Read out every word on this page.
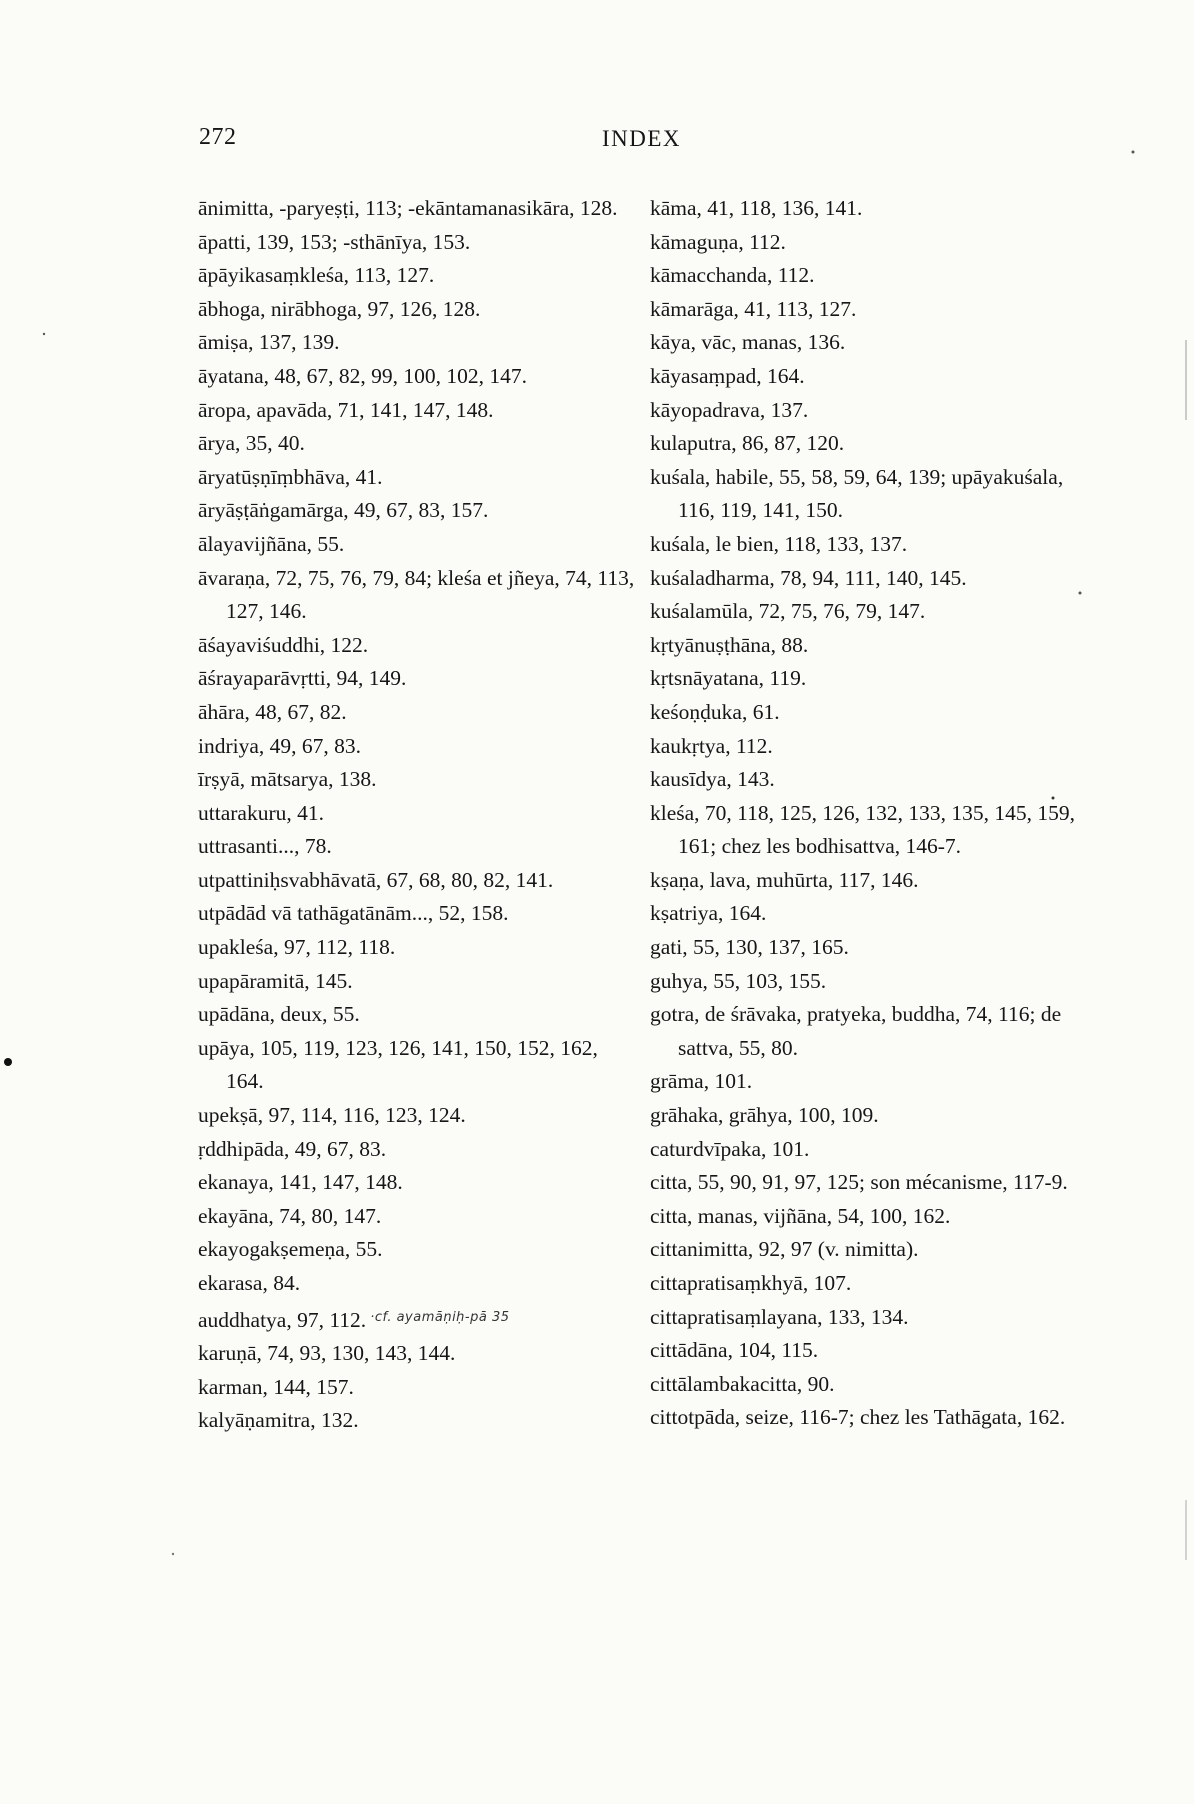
272	INDEX

ānimitta, -paryeṣṭi, 113; -ekāntamanasikāra, 128.

āpatti, 139, 153; -sthānīya, 153.

āpāyikasaṃkleśa, 113, 127.

ābhoga, nirābhoga, 97, 126, 128.

āmiṣa, 137, 139.

āyatana, 48, 67, 82, 99, 100, 102, 147.

āropa, apavāda, 71, 141, 147, 148.

ārya, 35, 40.

āryatūṣṇīṃbhāva, 41.

āryāṣṭāṅgamārga, 49, 67, 83, 157.

ālayavijñāna, 55.

āvaraṇa, 72, 75, 76, 79, 84; kleśa et jñeya, 74, 113, 127, 146.

āśayaviśuddhi, 122.

āśrayaparāvṛtti, 94, 149.

āhāra, 48, 67, 82.

indriya, 49, 67, 83.

īrṣyā, mātsarya, 138.

uttarakuru, 41.

uttrasanti..., 78.

utpattiniḥsvabhāvatā, 67, 68, 80, 82, 141.

utpādād vā tathāgatānām..., 52, 158.

upakleśa, 97, 112, 118.

upapāramitā, 145.

upādāna, deux, 55.

upāya, 105, 119, 123, 126, 141, 150, 152, 162, 164.

upekṣā, 97, 114, 116, 123, 124.

ṛddhipāda, 49, 67, 83.

ekanaya, 141, 147, 148.

ekayāna, 74, 80, 147.

ekayogakṣemeṇa, 55.

ekarasa, 84.

auddhatya, 97, 112. $^{\cdot cf. ayamāṇiḥ-pā 35}$

karuṇā, 74, 93, 130, 143, 144.

karman, 144, 157.

kalyāṇamitra, 132.

kāma, 41, 118, 136, 141.

kāmaguṇa, 112.

kāmacchanda, 112.

kāmarāga, 41, 113, 127.

kāya, vāc, manas, 136.

kāyasaṃpad, 164.

kāyopadrava, 137.

kulaputra, 86, 87, 120.

kuśala, habile, 55, 58, 59, 64, 139; upāyakuśala, 116, 119, 141, 150.

kuśala, le bien, 118, 133, 137.

kuśaladharma, 78, 94, 111, 140, 145.

kuśalamūla, 72, 75, 76, 79, 147.

kṛtyānuṣṭhāna, 88.

kṛtsnāyatana, 119.

keśoṇḍuka, 61.

kaukṛtya, 112.

kausīdya, 143.

kleśa, 70, 118, 125, 126, 132, 133, 135, 145, 159, 161; chez les bodhisattva, 146-7.

kṣaṇa, lava, muhūrta, 117, 146.

kṣatriya, 164.

gati, 55, 130, 137, 165.

guhya, 55, 103, 155.

gotra, de śrāvaka, pratyeka, buddha, 74, 116; de sattva, 55, 80.

grāma, 101.

grāhaka, grāhya, 100, 109.

caturdvīpaka, 101.

citta, 55, 90, 91, 97, 125; son mécanisme, 117-9.

citta, manas, vijñāna, 54, 100, 162.

cittanimitta, 92, 97 (v. nimitta).

cittapratisaṃkhyā, 107.

cittapratisaṃlayana, 133, 134.

cittādāna, 104, 115.

cittālambakacitta, 90.

cittotpāda, seize, 116-7; chez les Tathāgata, 162.
